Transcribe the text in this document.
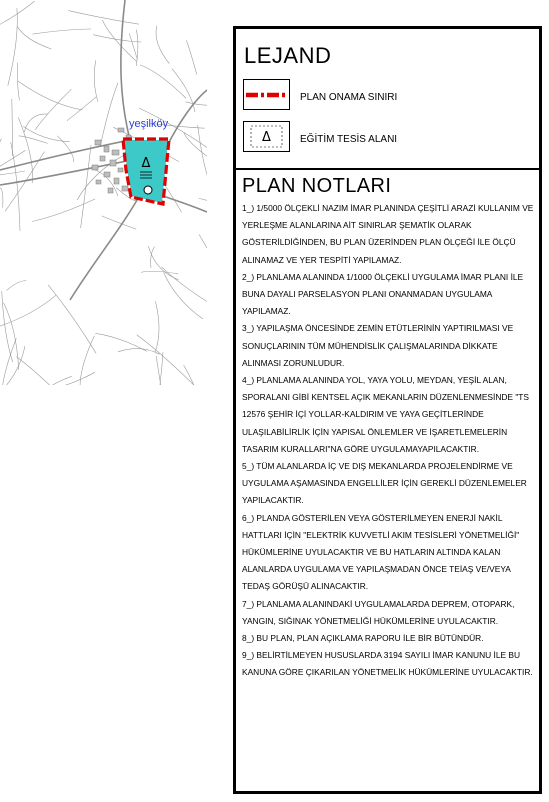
Δ
yeşilköy
LEJAND
PLAN ONAMA SINIRI
Δ	EĞİTİM TESİS ALANI
PLAN NOTLARI
1_) 1/5000 ÖLÇEKLİ NAZIM İMAR PLANINDA ÇEŞİTLİ ARAZİ KULLANIM VE YERLEŞME ALANLARINA AİT SINIRLAR ŞEMATİK OLARAK GÖSTERİLDİĞİNDEN, BU PLAN ÜZERİNDEN PLAN ÖLÇEĞİ İLE ÖLÇÜ ALINAMAZ VE YER TESPİTİ YAPILAMAZ.
2_) PLANLAMA ALANINDA 1/1000 ÖLÇEKLİ UYGULAMA İMAR PLANI İLE BUNA DAYALI PARSELASYON PLANI ONANMADAN UYGULAMA YAPILAMAZ.
3_) YAPILAŞMA ÖNCESİNDE ZEMİN ETÜTLERİNİN YAPTIRILMASI VE SONUÇLARININ TÜM MÜHENDİSLİK ÇALIŞMALARINDA DİKKATE ALINMASI ZORUNLUDUR.
4_) PLANLAMA ALANINDA YOL, YAYA YOLU, MEYDAN, YEŞİL ALAN, SPORALANI GİBİ KENTSEL AÇIK MEKANLARIN DÜZENLENMESİNDE "TS 12576 ŞEHİR İÇİ YOLLAR-KALDIRIM VE YAYA GEÇİTLERİNDE ULAŞILABİLİRLİK İÇİN YAPISAL ÖNLEMLER VE İŞARETLEMELERİN TASARIM KURALLARI"NA GÖRE UYGULAMAYAPILACAKTIR.
5_) TÜM ALANLARDA İÇ VE DIŞ MEKANLARDA PROJELENDİRME VE UYGULAMA AŞAMASINDA ENGELLİLER İÇİN GEREKLİ DÜZENLEMELER YAPILACAKTIR.
6_) PLANDA GÖSTERİLEN VEYA GÖSTERİLMEYEN ENERJİ NAKİL HATTLARI İÇİN "ELEKTRİK KUVVETLİ AKIM TESİSLERİ YÖNETMELİĞİ" HÜKÜMLERİNE UYULACAKTIR VE BU HATLARIN ALTINDA KALAN ALANLARDA UYGULAMA VE YAPILAŞMADAN ÖNCE TEİAŞ VE/VEYA TEDAŞ GÖRÜŞÜ ALINACAKTIR.
7_) PLANLAMA ALANINDAKİ UYGULAMALARDA DEPREM, OTOPARK, YANGIN, SIĞINAK YÖNETMELİĞİ HÜKÜMLERİNE UYULACAKTIR.
8_) BU PLAN, PLAN AÇIKLAMA RAPORU İLE BİR BÜTÜNDÜR.
9_) BELİRTİLMEYEN HUSUSLARDA 3194 SAYILI İMAR KANUNU İLE BU KANUNA GÖRE ÇIKARILAN YÖNETMELİK HÜKÜMLERİNE UYULACAKTIR.
